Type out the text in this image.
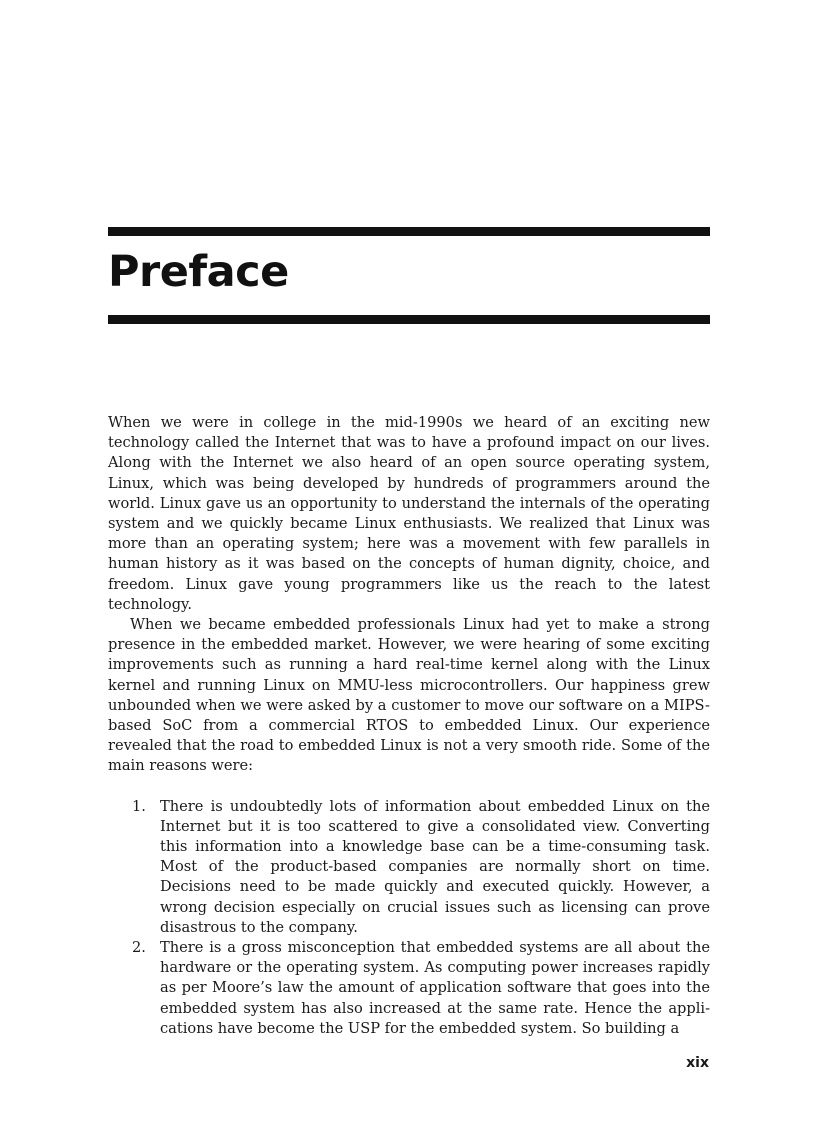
Preface

When we were in college in the mid-1990s we heard of an exciting new technology called the Internet that was to have a profound impact on our lives. Along with the Internet we also heard of an open source operating system, Linux, which was being developed by hundreds of programmers around the world. Linux gave us an opportunity to understand the internals of the operating system and we quickly became Linux enthusiasts. We realized that Linux was more than an operating system; here was a movement with few parallels in human history as it was based on the concepts of human dignity, choice, and freedom. Linux gave young programmers like us the reach to the latest technology.

When we became embedded professionals Linux had yet to make a strong presence in the embedded market. However, we were hearing of some exciting improvements such as running a hard real-time kernel along with the Linux kernel and running Linux on MMU-less microcontrollers. Our happiness grew unbounded when we were asked by a customer to move our software on a MIPS-based SoC from a commercial RTOS to embedded Linux. Our experience revealed that the road to embedded Linux is not a very smooth ride. Some of the main reasons were:

1. There is undoubtedly lots of information about embedded Linux on the Internet but it is too scattered to give a consolidated view. Converting this information into a knowledge base can be a time-consuming task. Most of the product-based companies are normally short on time. Decisions need to be made quickly and executed quickly. However, a wrong decision especially on crucial issues such as licensing can prove disastrous to the company.
2. There is a gross misconception that embedded systems are all about the hardware or the operating system. As computing power increases rapidly as per Moore’s law the amount of application software that goes into the embedded system has also increased at the same rate. Hence the applications have become the USP for the embedded system. So building a
xix
